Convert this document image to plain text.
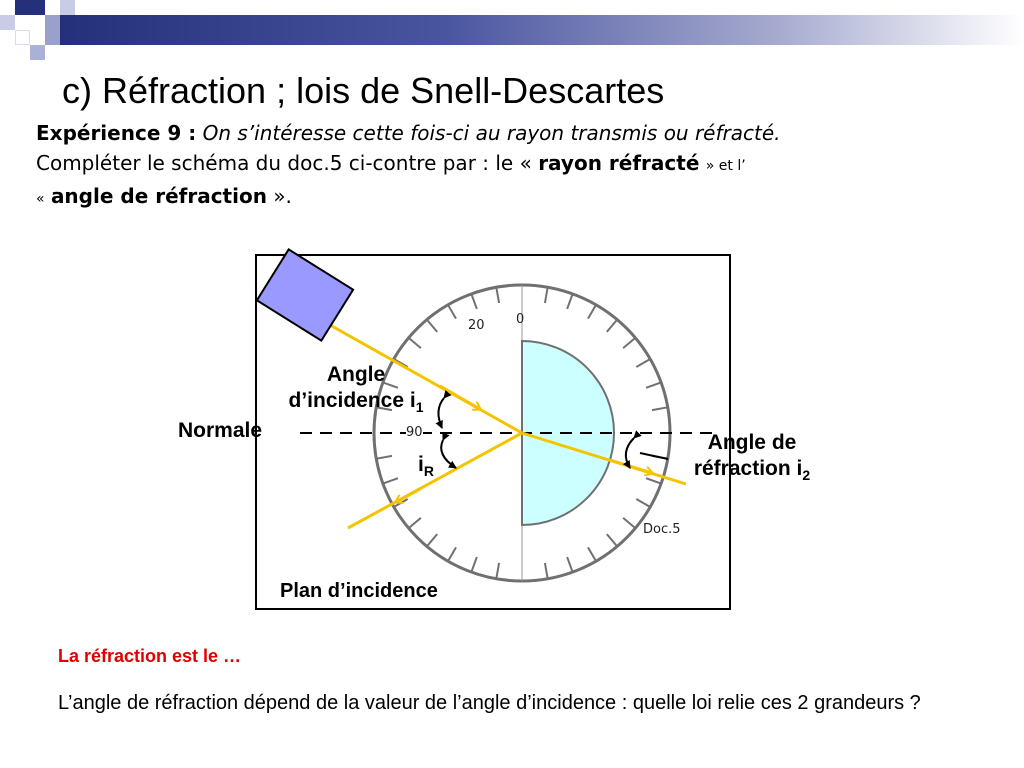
c) Réfraction ; lois de Snell-Descartes

Expérience 9 : On s’intéresse cette fois-ci au rayon transmis ou réfracté.
Compléter le schéma du doc.5 ci-contre par : le « rayon réfracté » et l’
« angle de réfraction ».

0
20
90
Doc.5
Angle
d’incidence $i_1$
Normale
$i_R$
Angle de
réfraction $i_2$
Plan d’incidence

La réfraction est le …

L’angle de réfraction dépend de la valeur de l’angle d’incidence : quelle loi relie ces 2 grandeurs ?
